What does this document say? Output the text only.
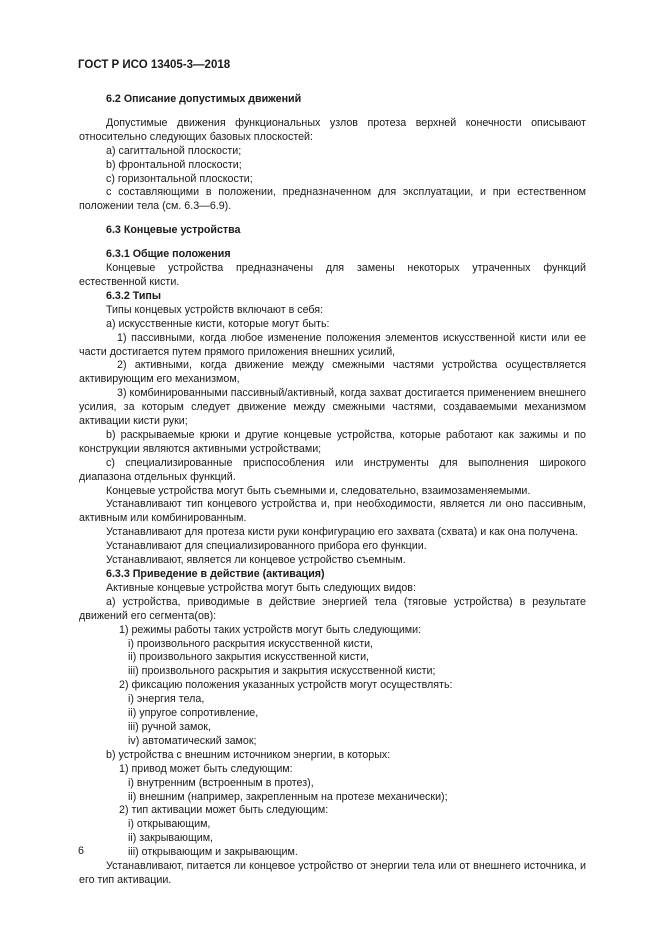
ГОСТ Р ИСО 13405-3—2018
6.2 Описание допустимых движений
Допустимые движения функциональных узлов протеза верхней конечности описывают относительно следующих базовых плоскостей:
a) сагиттальной плоскости;
b) фронтальной плоскости;
c) горизонтальной плоскости;
с составляющими в положении, предназначенном для эксплуатации, и при естественном положении тела (см. 6.3—6.9).
6.3 Концевые устройства
6.3.1 Общие положения
Концевые устройства предназначены для замены некоторых утраченных функций естественной кисти.
6.3.2 Типы
Типы концевых устройств включают в себя:
a) искусственные кисти, которые могут быть:
1) пассивными, когда любое изменение положения элементов искусственной кисти или ее части достигается путем прямого приложения внешних усилий,
2) активными, когда движение между смежными частями устройства осуществляется активирующим его механизмом,
3) комбинированными пассивный/активный, когда захват достигается применением внешнего усилия, за которым следует движение между смежными частями, создаваемыми механизмом активации кисти руки;
b) раскрываемые крюки и другие концевые устройства, которые работают как зажимы и по конструкции являются активными устройствами;
c) специализированные приспособления или инструменты для выполнения широкого диапазона отдельных функций.
Концевые устройства могут быть съемными и, следовательно, взаимозаменяемыми.
Устанавливают тип концевого устройства и, при необходимости, является ли оно пассивным, активным или комбинированным.
Устанавливают для протеза кисти руки конфигурацию его захвата (схвата) и как она получена.
Устанавливают для специализированного прибора его функции.
Устанавливают, является ли концевое устройство съемным.
6.3.3 Приведение в действие (активация)
Активные концевые устройства могут быть следующих видов:
a) устройства, приводимые в действие энергией тела (тяговые устройства) в результате движений его сегмента(ов):
1) режимы работы таких устройств могут быть следующими:
i) произвольного раскрытия искусственной кисти,
ii) произвольного закрытия искусственной кисти,
iii) произвольного раскрытия и закрытия искусственной кисти;
2) фиксацию положения указанных устройств могут осуществлять:
i) энергия тела,
ii) упругое сопротивление,
iii) ручной замок,
iv) автоматический замок;
b) устройства с внешним источником энергии, в которых:
1) привод может быть следующим:
i) внутренним (встроенным в протез),
ii) внешним (например, закрепленным на протезе механически);
2) тип активации может быть следующим:
i) открывающим,
ii) закрывающим,
iii) открывающим и закрывающим.
Устанавливают, питается ли концевое устройство от энергии тела или от внешнего источника, и его тип активации.
6
